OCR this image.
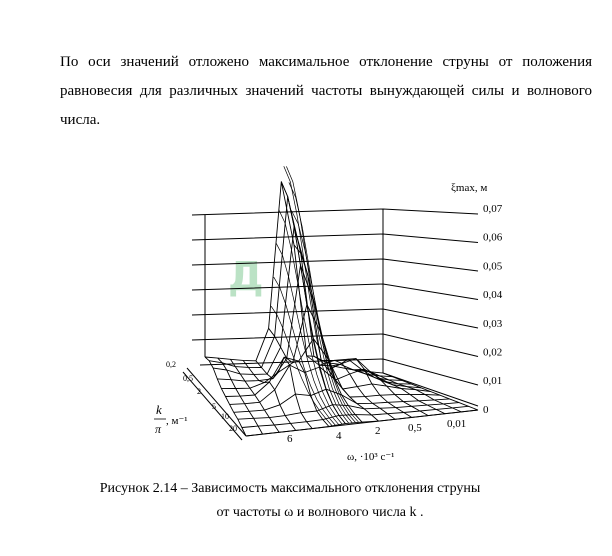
По оси значений отложено максимальное отклонение струны от положения равновесия для различных значений частоты вынуждающей силы и волнового числа.

Д
ξmax, м
0,07
0,06
0,05
0,04
0,03
0,02
0,01
0
0,2
0,5
2
5
10
20
6	4	2	0,5 0,01
k
π
, м⁻¹
ω, ·10³ с⁻¹
Рисунок 2.14 – Зависимость максимального отклонения струны
от частоты ω и волнового числа k .
